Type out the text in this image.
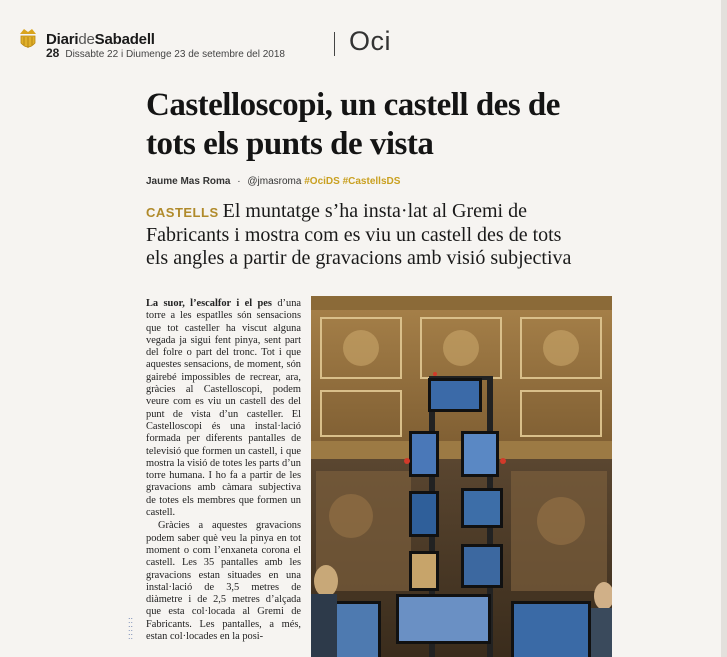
DiarideSabadell
28 Dissabte 22 i Diumenge 23 de setembre del 2018 Oci
Castelloscopi, un castell des de tots els punts de vista
Jaume Mas Roma · @jmasroma #OciDS #CastellsDS
CASTELLS El muntatge s’ha insta·lat al Gremi de Fabricants i mostra com es viu un castell des de tots els angles a partir de gravacions amb visió subjectiva

La suor, l’escalfor i el pes d’una torre a les espatlles són sensacions que tot casteller ha viscut alguna vegada ja sigui fent pinya, sent part del folre o part del tronc. Tot i que aquestes sensacions, de moment, són gairebé impossibles de recrear, ara, gràcies al Castelloscopi, podem veure com es viu un castell des del punt de vista d’un casteller. El Castelloscopi és una instal·lació formada per diferents pantalles de televisió que formen un castell, i que mostra la visió de totes les parts d’un torre humana. I ho fa a partir de les gravacions amb càmara subjectiva de totes els membres que formen un castell.

Gràcies a aquestes gravacions podem saber què veu la pinya en tot moment o com l’enxaneta corona el castell. Les 35 pantalles amb les gravacions estan situades en una instal·lació de 3,5 metres de diàmetre i de 2,5 metres d’alçada que esta col·locada al Gremi de Fabricants. Les pantalles, a més, estan col·locades en la posi-

::
::
::
